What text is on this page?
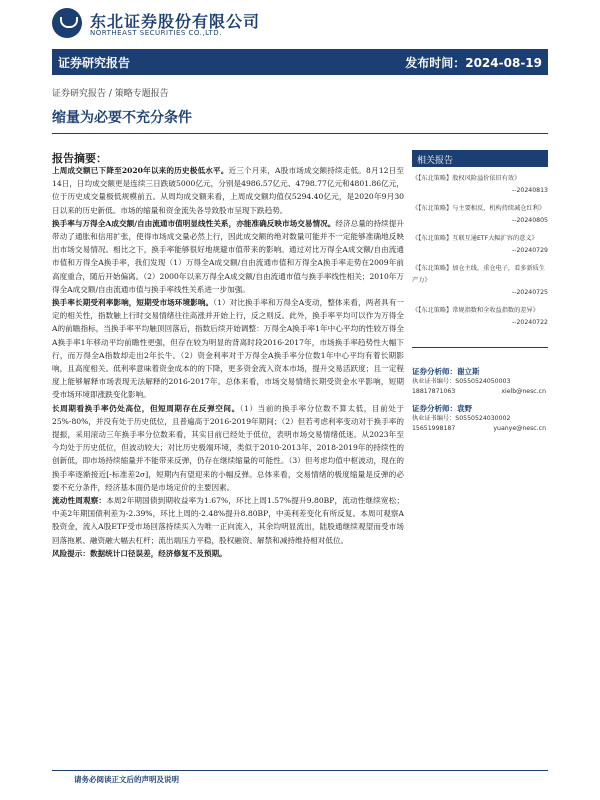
东北证券股份有限公司
NORTHEAST SECURITIES CO.,LTD.
证券研究报告	发布时间：2024-08-19
证券研究报告 / 策略专题报告
缩量为必要不充分条件
报告摘要：

上周成交额已下降至2020年以来的历史极低水平。近三个月来，A股市场成交额持续走低。8月12日至14日，日均成交额更是连续三日跌破5000亿元，分别是4986.57亿元、4798.77亿元和4801.86亿元，位于历史成交量极低规模前五。从周均成交额来看，上周成交额均值仅5294.40亿元，是2020年9月30日以来的历史新低。市场的缩量和资金流失各导致股市呈现下跌趋势。

换手率与万得全A成交额/自由流通市值明显线性关系，亦能准确反映市场交易情况。经济总量的持续提升带动了通胀和信用扩张，使得市场成交量必然上行，因此成交额的绝对数量可能并不一定能够准确地反映出市场交易情况。相比之下，换手率能够很好地规避市值带来的影响。通过对比万得全A成交额/自由流通市值和万得全A换手率，我们发现（1）万得全A成交额/自由流通市值和万得全A换手率走势在2009年前高度重合，随后开始偏离。（2）2000年以来万得全A成交额/自由流通市值与换手率线性相关；2010年万得全A成交额/自由流通市值与换手率线性关系进一步加强。

换手率长期受利率影响，短期受市场环境影响。（1）对比换手率和万得全A变动，整体来看，两者具有一定的相关性，指数触上行时交易情绪往往高涨并开始上行，反之则反。此外，换手率平均可以作为万得全A的前瞻指标，当换手率平均触顶回落后，指数后续开始调整：万得全A换手率1年中心平均的性较万得全A换手率1年移动平均前瞻性更强，但存在较为明显的背离时段2016-2017年，市场换手率趋势性大幅下行，而万得全A指数却走出2年长牛。（2）资金利率对于万得全A换手率分位数1年中心平均有着长期影响，且高度相关。低利率意味着资金成本的的下降，更多资金流入资本市场，提升交易活跃度；且一定程度上能够解释市场表现无法解释的2016-2017年。总体来看，市场交易情绪长期受资金水平影响，短期受市场环境即涨跌变化影响。

长周期看换手率仍处高位，但短周期存在反弹空间。（1）当前的换手率分位数不算太低，目前处于25%-80%，并没有处于历史低位，且普遍高于2016-2019年期间；（2）但若考虑利率变动对于换手率的提振，采用滚动三年换手率分位数来看，其实目前已经处于低位，表明市场交易情绪低迷。从2023年至今均处于历史低位，但波动较大；对比历史极端环境，类似于2010-2013年、2018-2019年的持续性的创新低，即市场持续缩量并不能带来反弹，仍存在继续缩量的可能性。（3）但考虑均值中枢波动，现在的换手率逐渐接近[-标准差2σ]，短期内有望迎来的小幅反弹。总体来看，交易情绪的极度缩量是反弹的必要不充分条件，经济基本面仍是市场定价的主要因素。

流动性周观察：本周2年期国债到期收益率为1.67%，环比上周1.57%提升9.80BP，流动性继续宽松；中美2年期国债利差为-2.39%，环比上周的-2.48%提升8.80BP，中美利差变化有所反复。本周可观察A股资金，流入A股ETF受市场回落持续买入为唯一正向流入，其余均明显流出，陆股通继续观望而受市场回落拖累、融资融大幅去杠杆；流出端压力平稳，股权融资、解禁和减持维持相对低位。

风险提示：数据统计口径误差，经济修复不及预期。

相关报告
《【东北策略】股权风险溢价依旧有效》
--20240813
《【东北策略】与主要相反，机构持续减仓红利》
--20240805
《【东北策略】互联互通ETF大幅扩容的意义》
--20240729
《【东北策略】加仓主线，重仓电子，看多新质生产力》
--20240725
《【东北策略】常规指数和全收益指数的差异》
--20240722
证券分析师：谢立斯
执业证书编号：S0550524050003
18817871063	xielb@nesc.cn
证券分析师：袁野
执业证书编号：S0550524030002
15651998187	yuanye@nesc.cn
请务必阅读正文后的声明及说明
